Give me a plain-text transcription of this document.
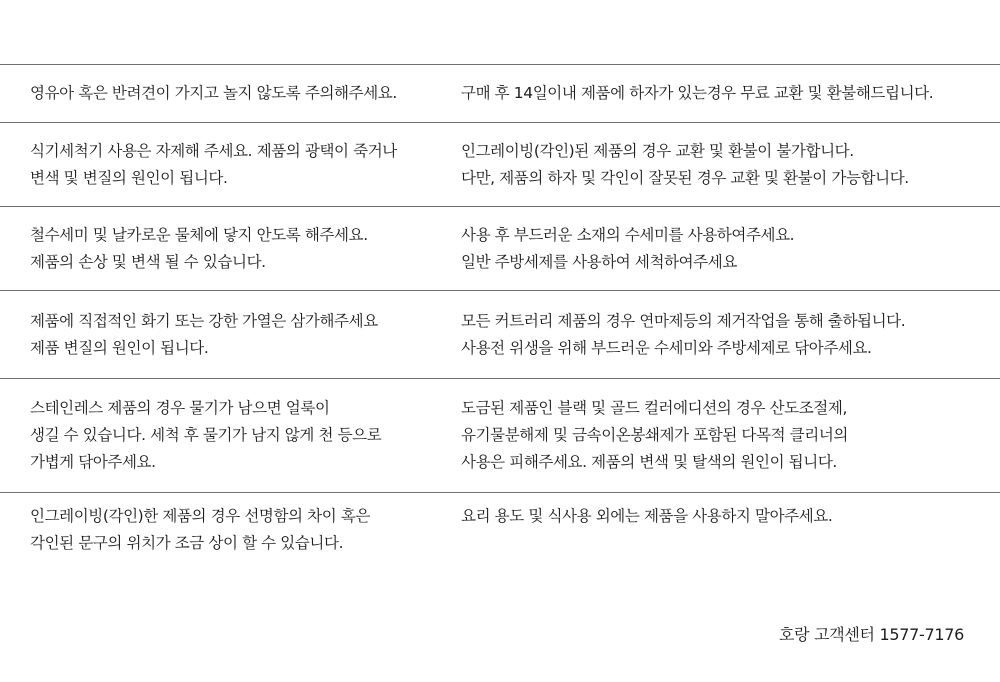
영유아 혹은 반려견이 가지고 놀지 않도록 주의해주세요.	구매 후 14일이내 제품에 하자가 있는경우 무료 교환 및 환불해드립니다.
식기세척기 사용은 자제해 주세요. 제품의 광택이 죽거나
변색 및 변질의 원인이 됩니다.
인그레이빙(각인)된 제품의 경우 교환 및 환불이 불가합니다.
다만, 제품의 하자 및 각인이 잘못된 경우 교환 및 환불이 가능합니다.
철수세미 및 날카로운 물체에 닿지 안도록 해주세요.
제품의 손상 및 변색 될 수 있습니다.
사용 후 부드러운 소재의 수세미를 사용하여주세요.
일반 주방세제를 사용하여 세척하여주세요
제품에 직접적인 화기 또는 강한 가열은 삼가해주세요
제품 변질의 원인이 됩니다.
모든 커트러리 제품의 경우 연마제등의 제거작업을 통해 출하됩니다.
사용전 위생을 위해 부드러운 수세미와 주방세제로 닦아주세요.
스테인레스 제품의 경우 물기가 남으면 얼룩이
생길 수 있습니다. 세척 후 물기가 남지 않게 천 등으로
가볍게 닦아주세요.
도금된 제품인 블랙 및 골드 컬러에디션의 경우 산도조절제,
유기물분해제 및 금속이온봉쇄제가 포함된 다목적 클리너의
사용은 피해주세요. 제품의 변색 및 탈색의 원인이 됩니다.
인그레이빙(각인)한 제품의 경우 선명함의 차이 혹은
각인된 문구의 위치가 조금 상이 할 수 있습니다.
요리 용도 및 식사용 외에는 제품을 사용하지 말아주세요.
호랑 고객센터 1577-7176
